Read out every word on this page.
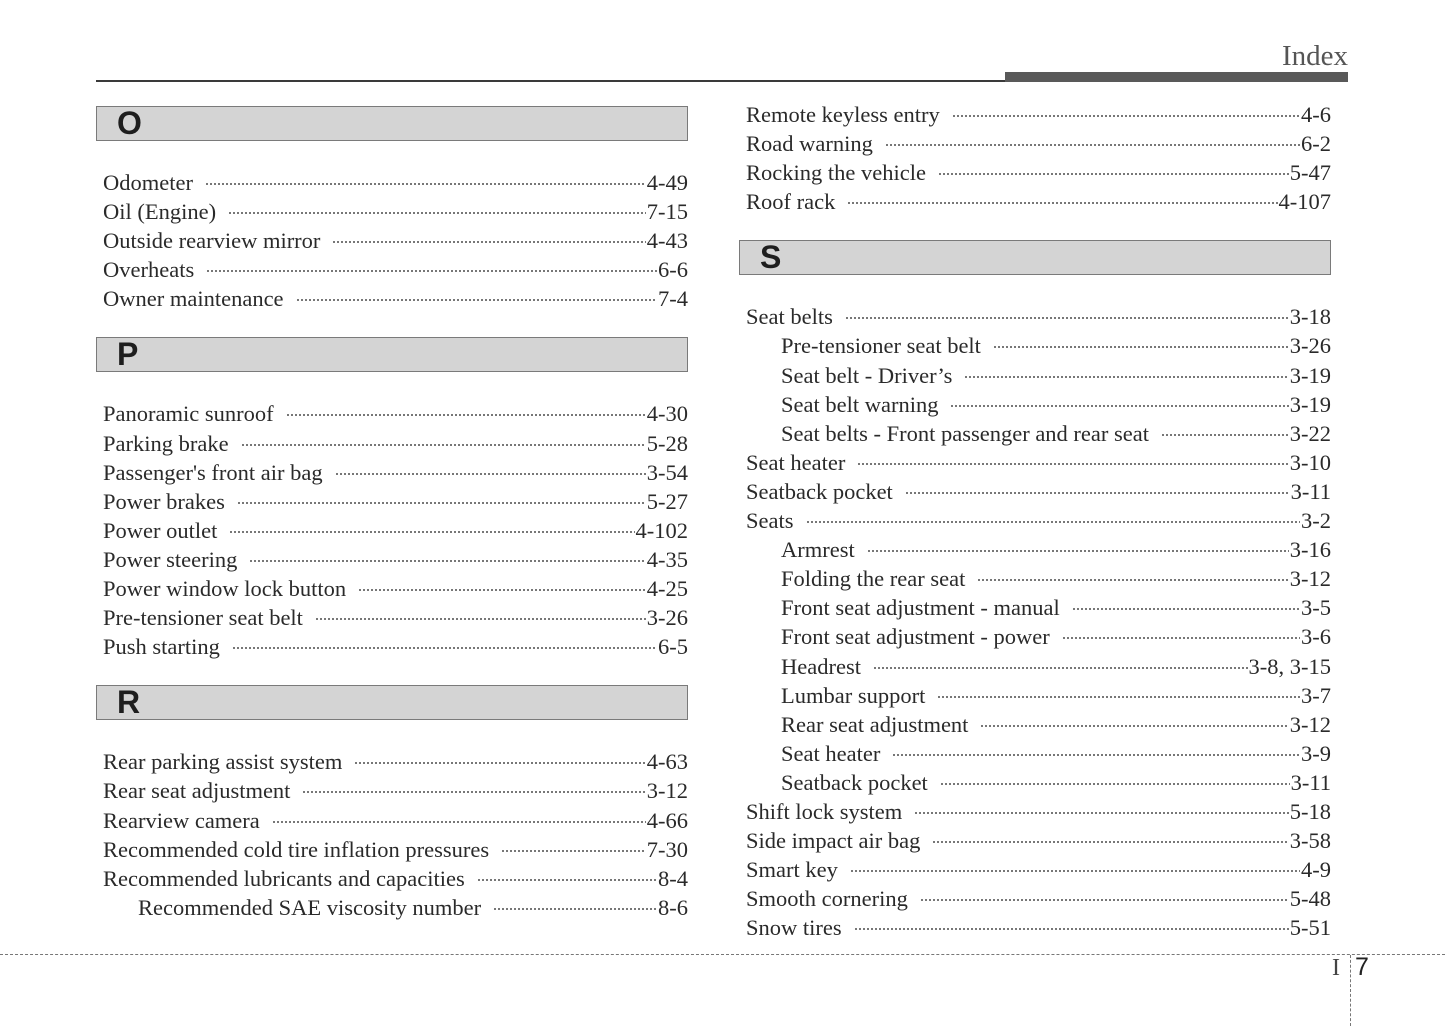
Index
O
Odometer	4-49
Oil (Engine)	7-15
Outside rearview mirror	4-43
Overheats	6-6
Owner maintenance	7-4
P
Panoramic sunroof	4-30
Parking brake	5-28
Passenger's front air bag	3-54
Power brakes	5-27
Power outlet	4-102
Power steering	4-35
Power window lock button	4-25
Pre-tensioner seat belt	3-26
Push starting	6-5
R
Rear parking assist system	4-63
Rear seat adjustment	3-12
Rearview camera	4-66
Recommended cold tire inflation pressures	7-30
Recommended lubricants and capacities	8-4
Recommended SAE viscosity number	8-6
Remote keyless entry	4-6
Road warning	6-2
Rocking the vehicle	5-47
Roof rack	4-107
S
Seat belts	3-18
Pre-tensioner seat belt	3-26
Seat belt - Driver’s	3-19
Seat belt warning	3-19
Seat belts - Front passenger and rear seat	3-22
Seat heater	3-10
Seatback pocket	3-11
Seats	3-2
Armrest	3-16
Folding the rear seat	3-12
Front seat adjustment - manual	3-5
Front seat adjustment - power	3-6
Headrest	3-8, 3-15
Lumbar support	3-7
Rear seat adjustment	3-12
Seat heater	3-9
Seatback pocket	3-11
Shift lock system	5-18
Side impact air bag	3-58
Smart key	4-9
Smooth cornering	5-48
Snow tires	5-51
I 7
